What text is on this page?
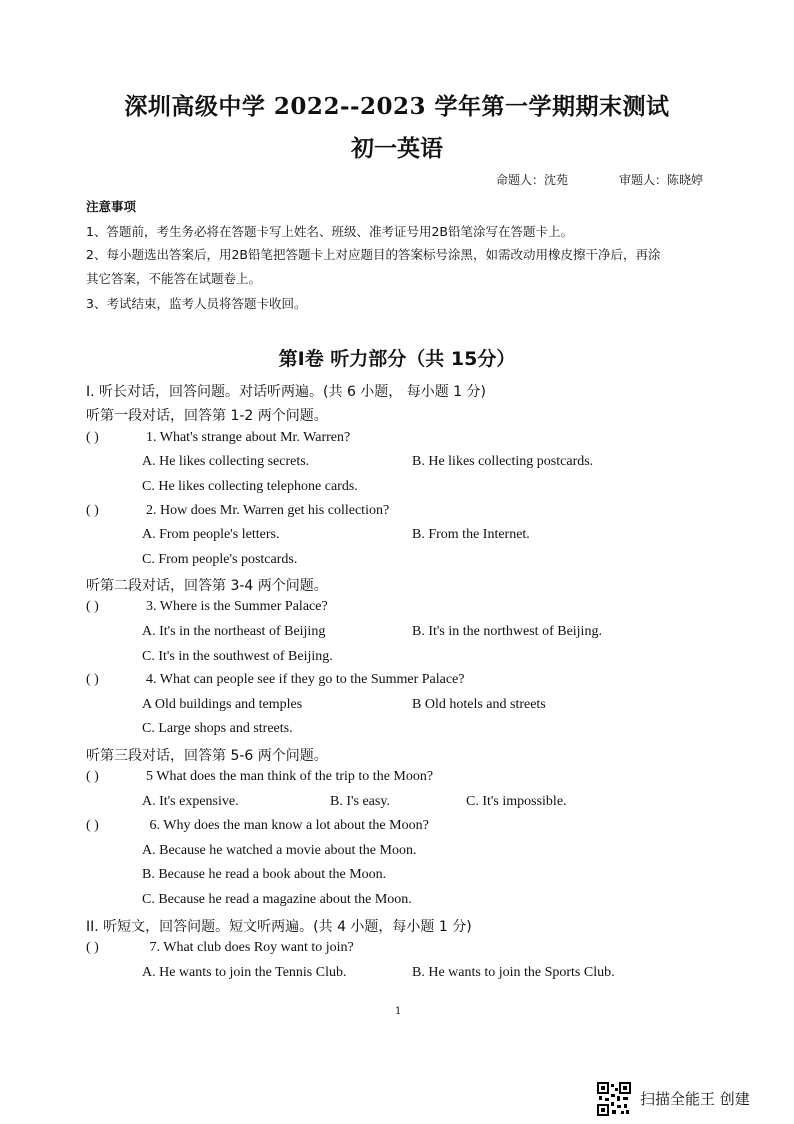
深圳高级中学 2022--2023 学年第一学期期末测试
初一英语
命题人：沈苑	审题人：陈晓婷
注意事项
1、答题前，考生务必将在答题卡写上姓名、班级、准考证号用2B铅笔涂写在答题卡上。
2、每小题选出答案后，用2B铅笔把答题卡上对应题目的答案标号涂黑，如需改动用橡皮擦干净后，再涂
其它答案，不能答在试题卷上。
3、考试结束，监考人员将答题卡收回。
第Ⅰ卷 听力部分（共 15分）
I. 听长对话，回答问题。对话听两遍。(共 6 小题， 每小题 1 分)
听第一段对话，回答第 1-2 两个问题。
( )	1. What's strange about Mr. Warren?
A. He likes collecting secrets.	B. He likes collecting postcards.
C. He likes collecting telephone cards.
( )	2. How does Mr. Warren get his collection?
A. From people's letters.	B. From the Internet.
C. From people's postcards.
听第二段对话，回答第 3-4 两个问题。
( )	3. Where is the Summer Palace?
A. It's in the northeast of Beijing	B. It's in the northwest of Beijing.
C. It's in the southwest of Beijing.
( )	4. What can people see if they go to the Summer Palace?
A Old buildings and temples	B Old hotels and streets
C. Large shops and streets.
听第三段对话，回答第 5-6 两个问题。
( )	5 What does the man think of the trip to the Moon?
A. It's expensive.	B. I's easy.	C. It's impossible.
( )	6. Why does the man know a lot about the Moon?
A. Because he watched a movie about the Moon.
B. Because he read a book about the Moon.
C. Because he read a magazine about the Moon.
II. 听短文，回答问题。短文听两遍。(共 4 小题，每小题 1 分)
( )	7. What club does Roy want to join?
A. He wants to join the Tennis Club.	B. He wants to join the Sports Club.
1
扫描全能王 创建
